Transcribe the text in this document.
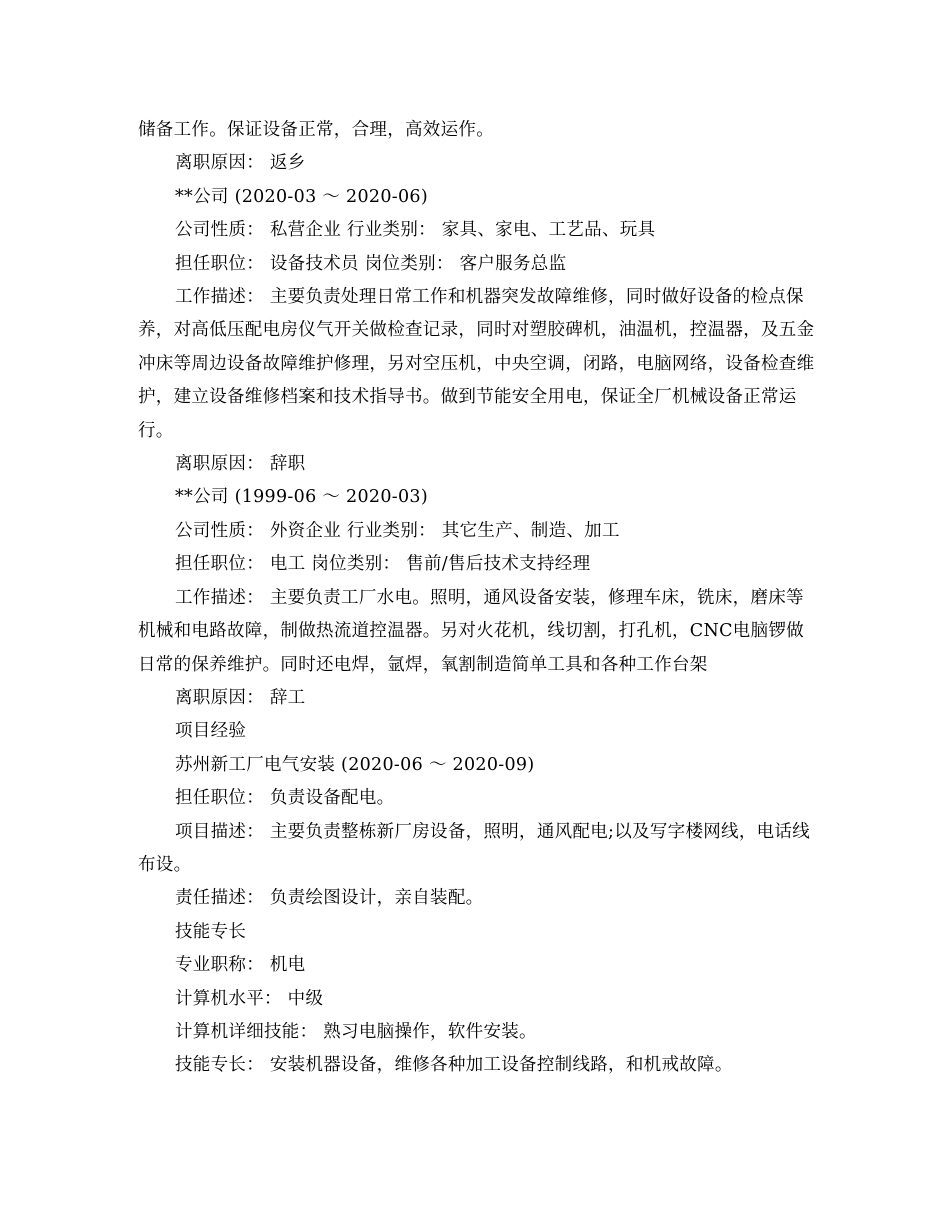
储备工作。保证设备正常，合理，高效运作。

离职原因： 返乡

**公司 (2020-03 ～ 2020-06)

公司性质： 私营企业 行业类别： 家具、家电、工艺品、玩具

担任职位： 设备技术员 岗位类别： 客户服务总监

工作描述： 主要负责处理日常工作和机器突发故障维修，同时做好设备的检点保养，对高低压配电房仪气开关做检查记录，同时对塑胶碑机，油温机，控温器，及五金冲床等周边设备故障维护修理，另对空压机，中央空调，闭路，电脑网络，设备检查维护，建立设备维修档案和技术指导书。做到节能安全用电，保证全厂机械设备正常运行。

离职原因： 辞职

**公司 (1999-06 ～ 2020-03)

公司性质： 外资企业 行业类别： 其它生产、制造、加工

担任职位： 电工 岗位类别： 售前/售后技术支持经理

工作描述： 主要负责工厂水电。照明，通风设备安装，修理车床，铣床，磨床等机械和电路故障，制做热流道控温器。另对火花机，线切割，打孔机，CNC电脑锣做日常的保养维护。同时还电焊，氩焊，氧割制造简单工具和各种工作台架

离职原因： 辞工

项目经验

苏州新工厂电气安装 (2020-06 ～ 2020-09)

担任职位： 负责设备配电。

项目描述： 主要负责整栋新厂房设备，照明，通风配电;以及写字楼网线，电话线布设。

责任描述： 负责绘图设计，亲自装配。

技能专长

专业职称： 机电

计算机水平： 中级

计算机详细技能： 熟习电脑操作，软件安装。

技能专长： 安装机器设备，维修各种加工设备控制线路，和机戒故障。
